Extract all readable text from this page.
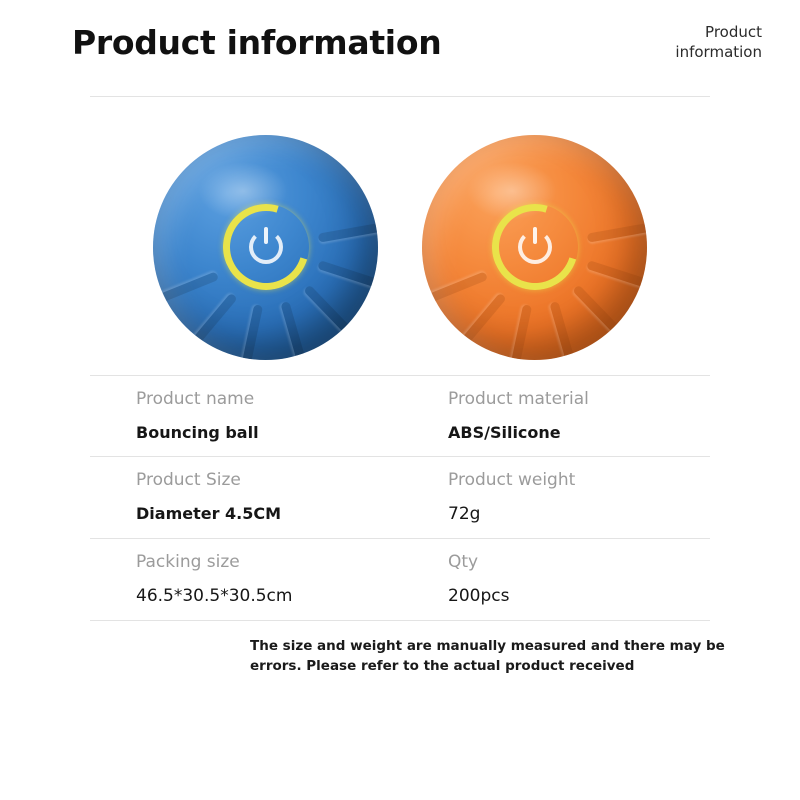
Product information	Product
information
Product name
Bouncing ball
Product material
ABS/Silicone
Product Size
Diameter 4.5CM
Product weight
72g
Packing size
46.5*30.5*30.5cm
Qty
200pcs
The size and weight are manually measured and there may be errors. Please refer to the actual product received
